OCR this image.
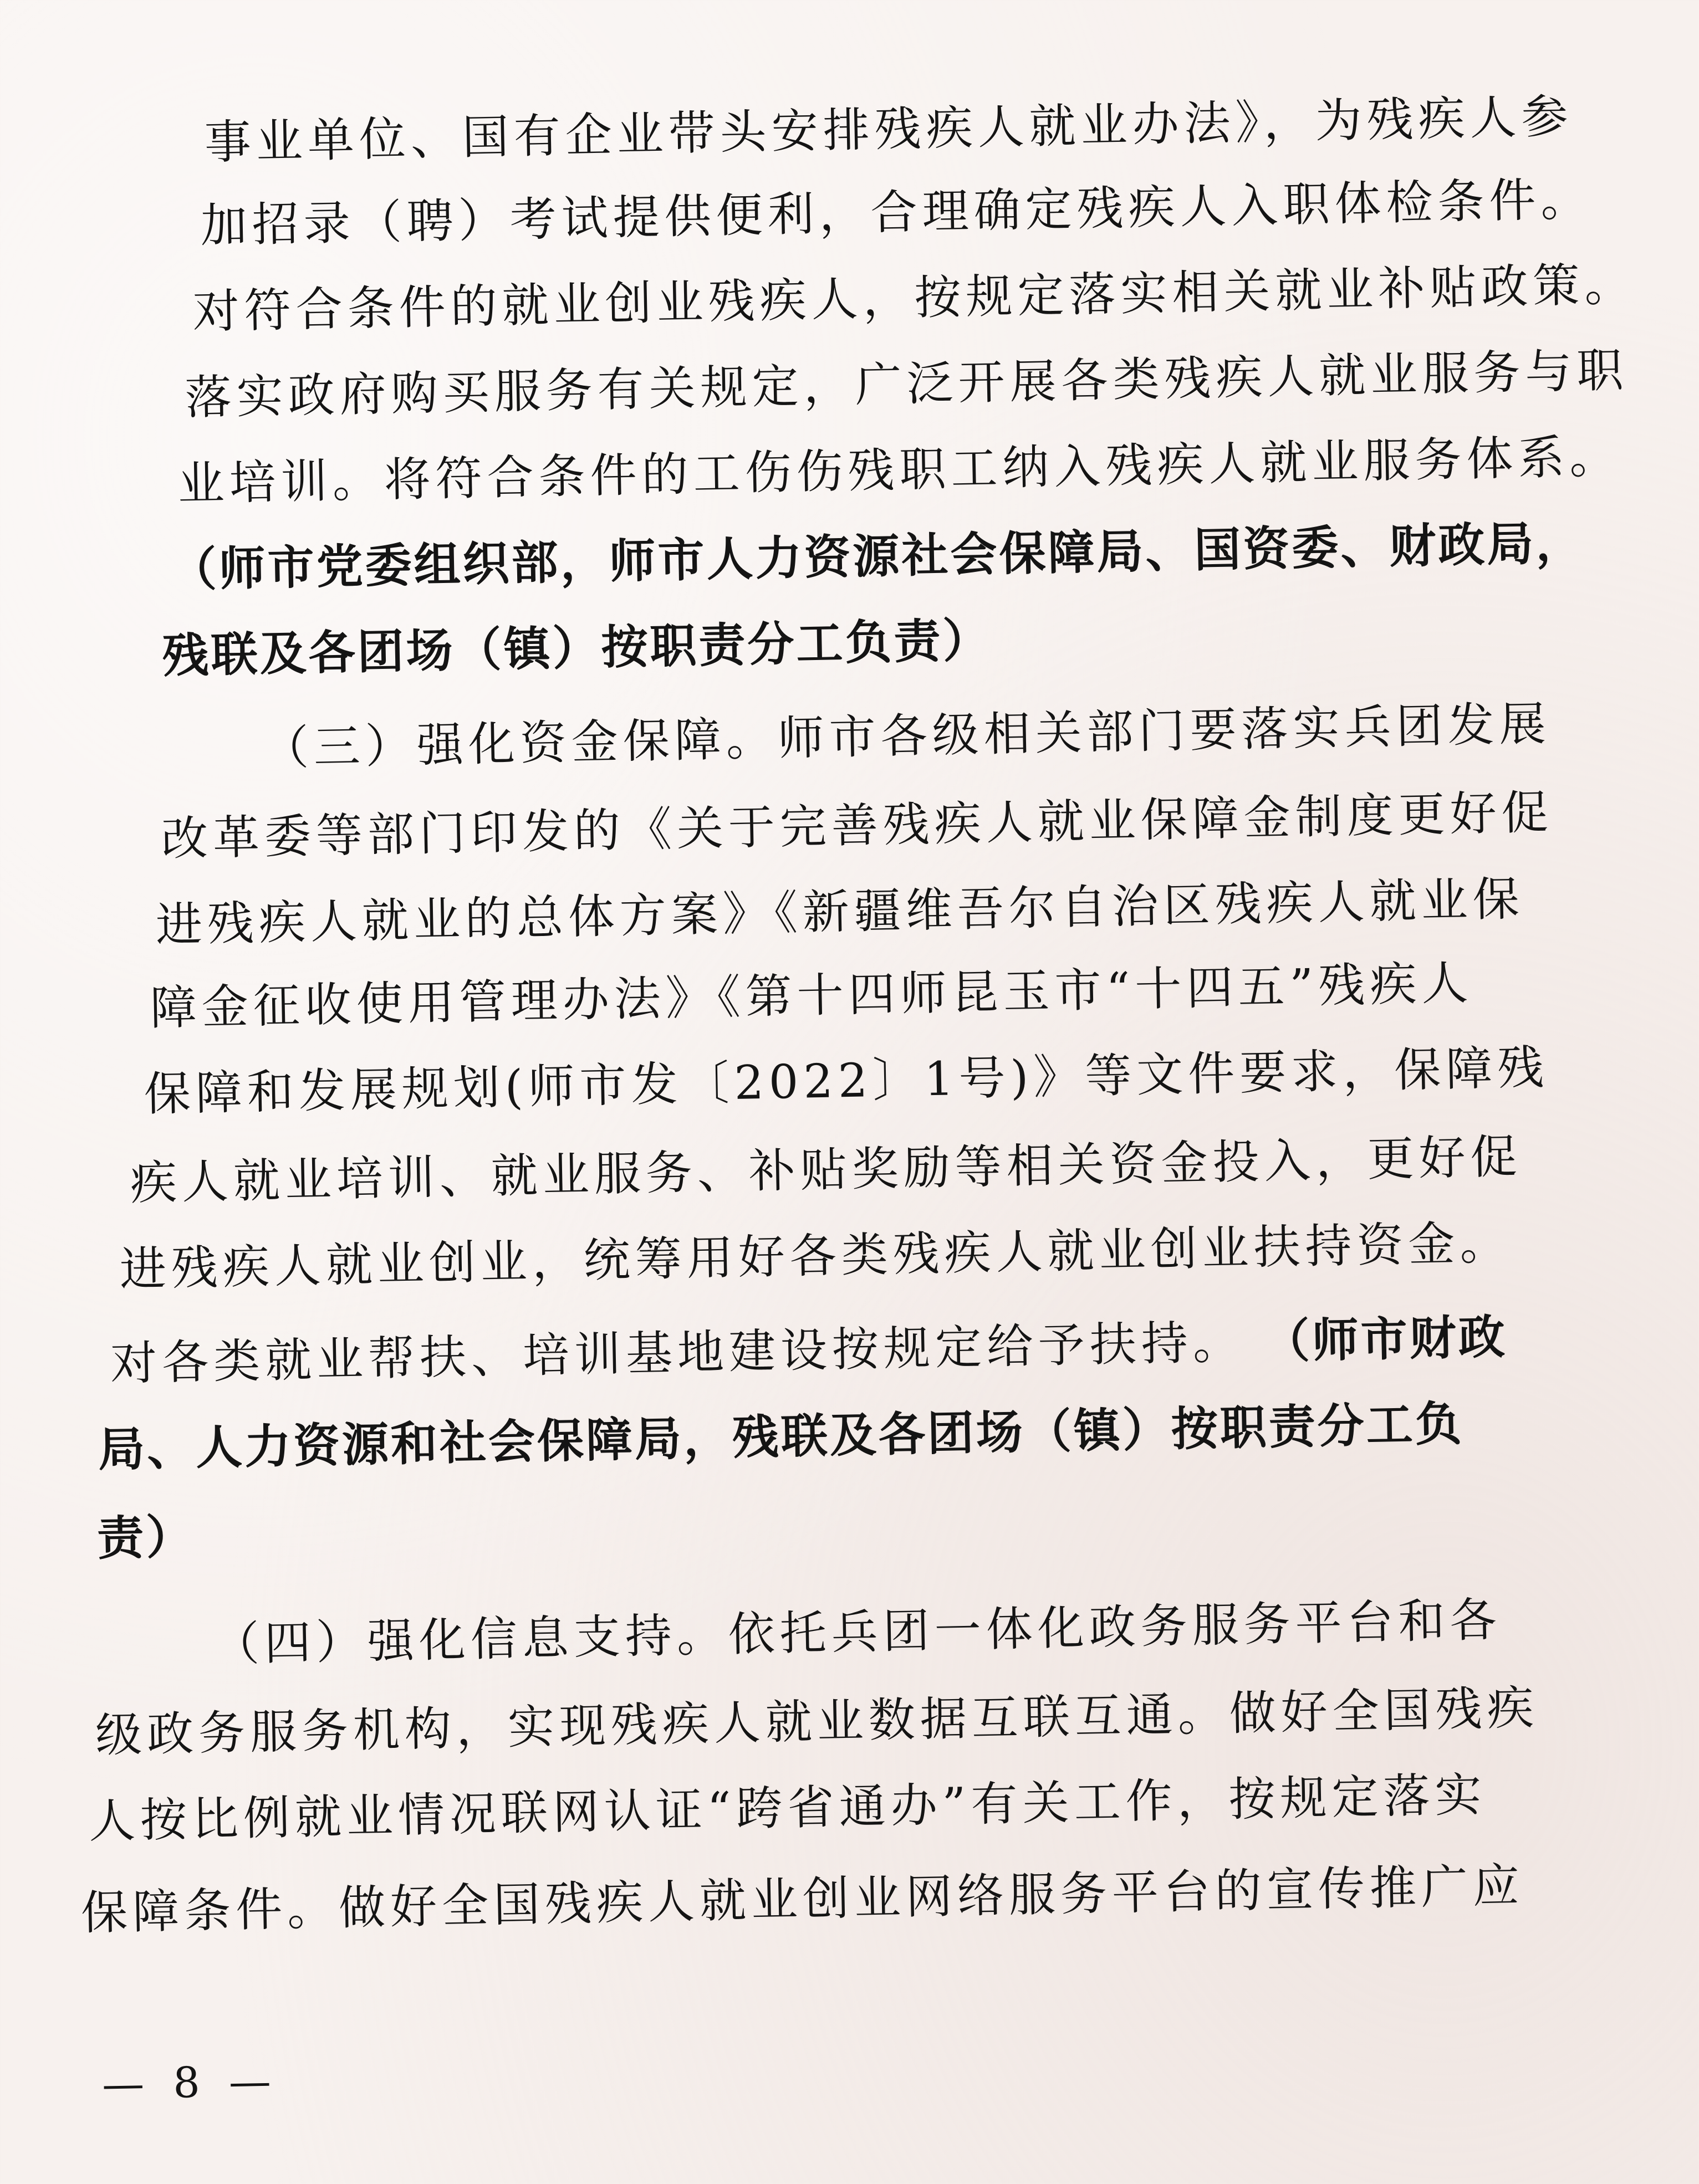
事业单位、国有企业带头安排残疾人就业办法》，为残疾人参
加招录（聘）考试提供便利，合理确定残疾人入职体检条件。
对符合条件的就业创业残疾人，按规定落实相关就业补贴政策。
落实政府购买服务有关规定，广泛开展各类残疾人就业服务与职
业培训。将符合条件的工伤伤残职工纳入残疾人就业服务体系。
（师市党委组织部，师市人力资源社会保障局、国资委、财政局，
残联及各团场（镇）按职责分工负责）
（三）强化资金保障。师市各级相关部门要落实兵团发展
改革委等部门印发的《关于完善残疾人就业保障金制度更好促
进残疾人就业的总体方案》《新疆维吾尔自治区残疾人就业保
障金征收使用管理办法》《第十四师昆玉市“十四五”残疾人
保障和发展规划(师市发〔2022〕1号)》等文件要求，保障残
疾人就业培训、就业服务、补贴奖励等相关资金投入，更好促
进残疾人就业创业，统筹用好各类残疾人就业创业扶持资金。
对各类就业帮扶、培训基地建设按规定给予扶持。 （师市财政
局、人力资源和社会保障局，残联及各团场（镇）按职责分工负
责）
（四）强化信息支持。依托兵团一体化政务服务平台和各
级政务服务机构，实现残疾人就业数据互联互通。做好全国残疾
人按比例就业情况联网认证“跨省通办”有关工作，按规定落实
保障条件。做好全国残疾人就业创业网络服务平台的宣传推广应
— 8 —
